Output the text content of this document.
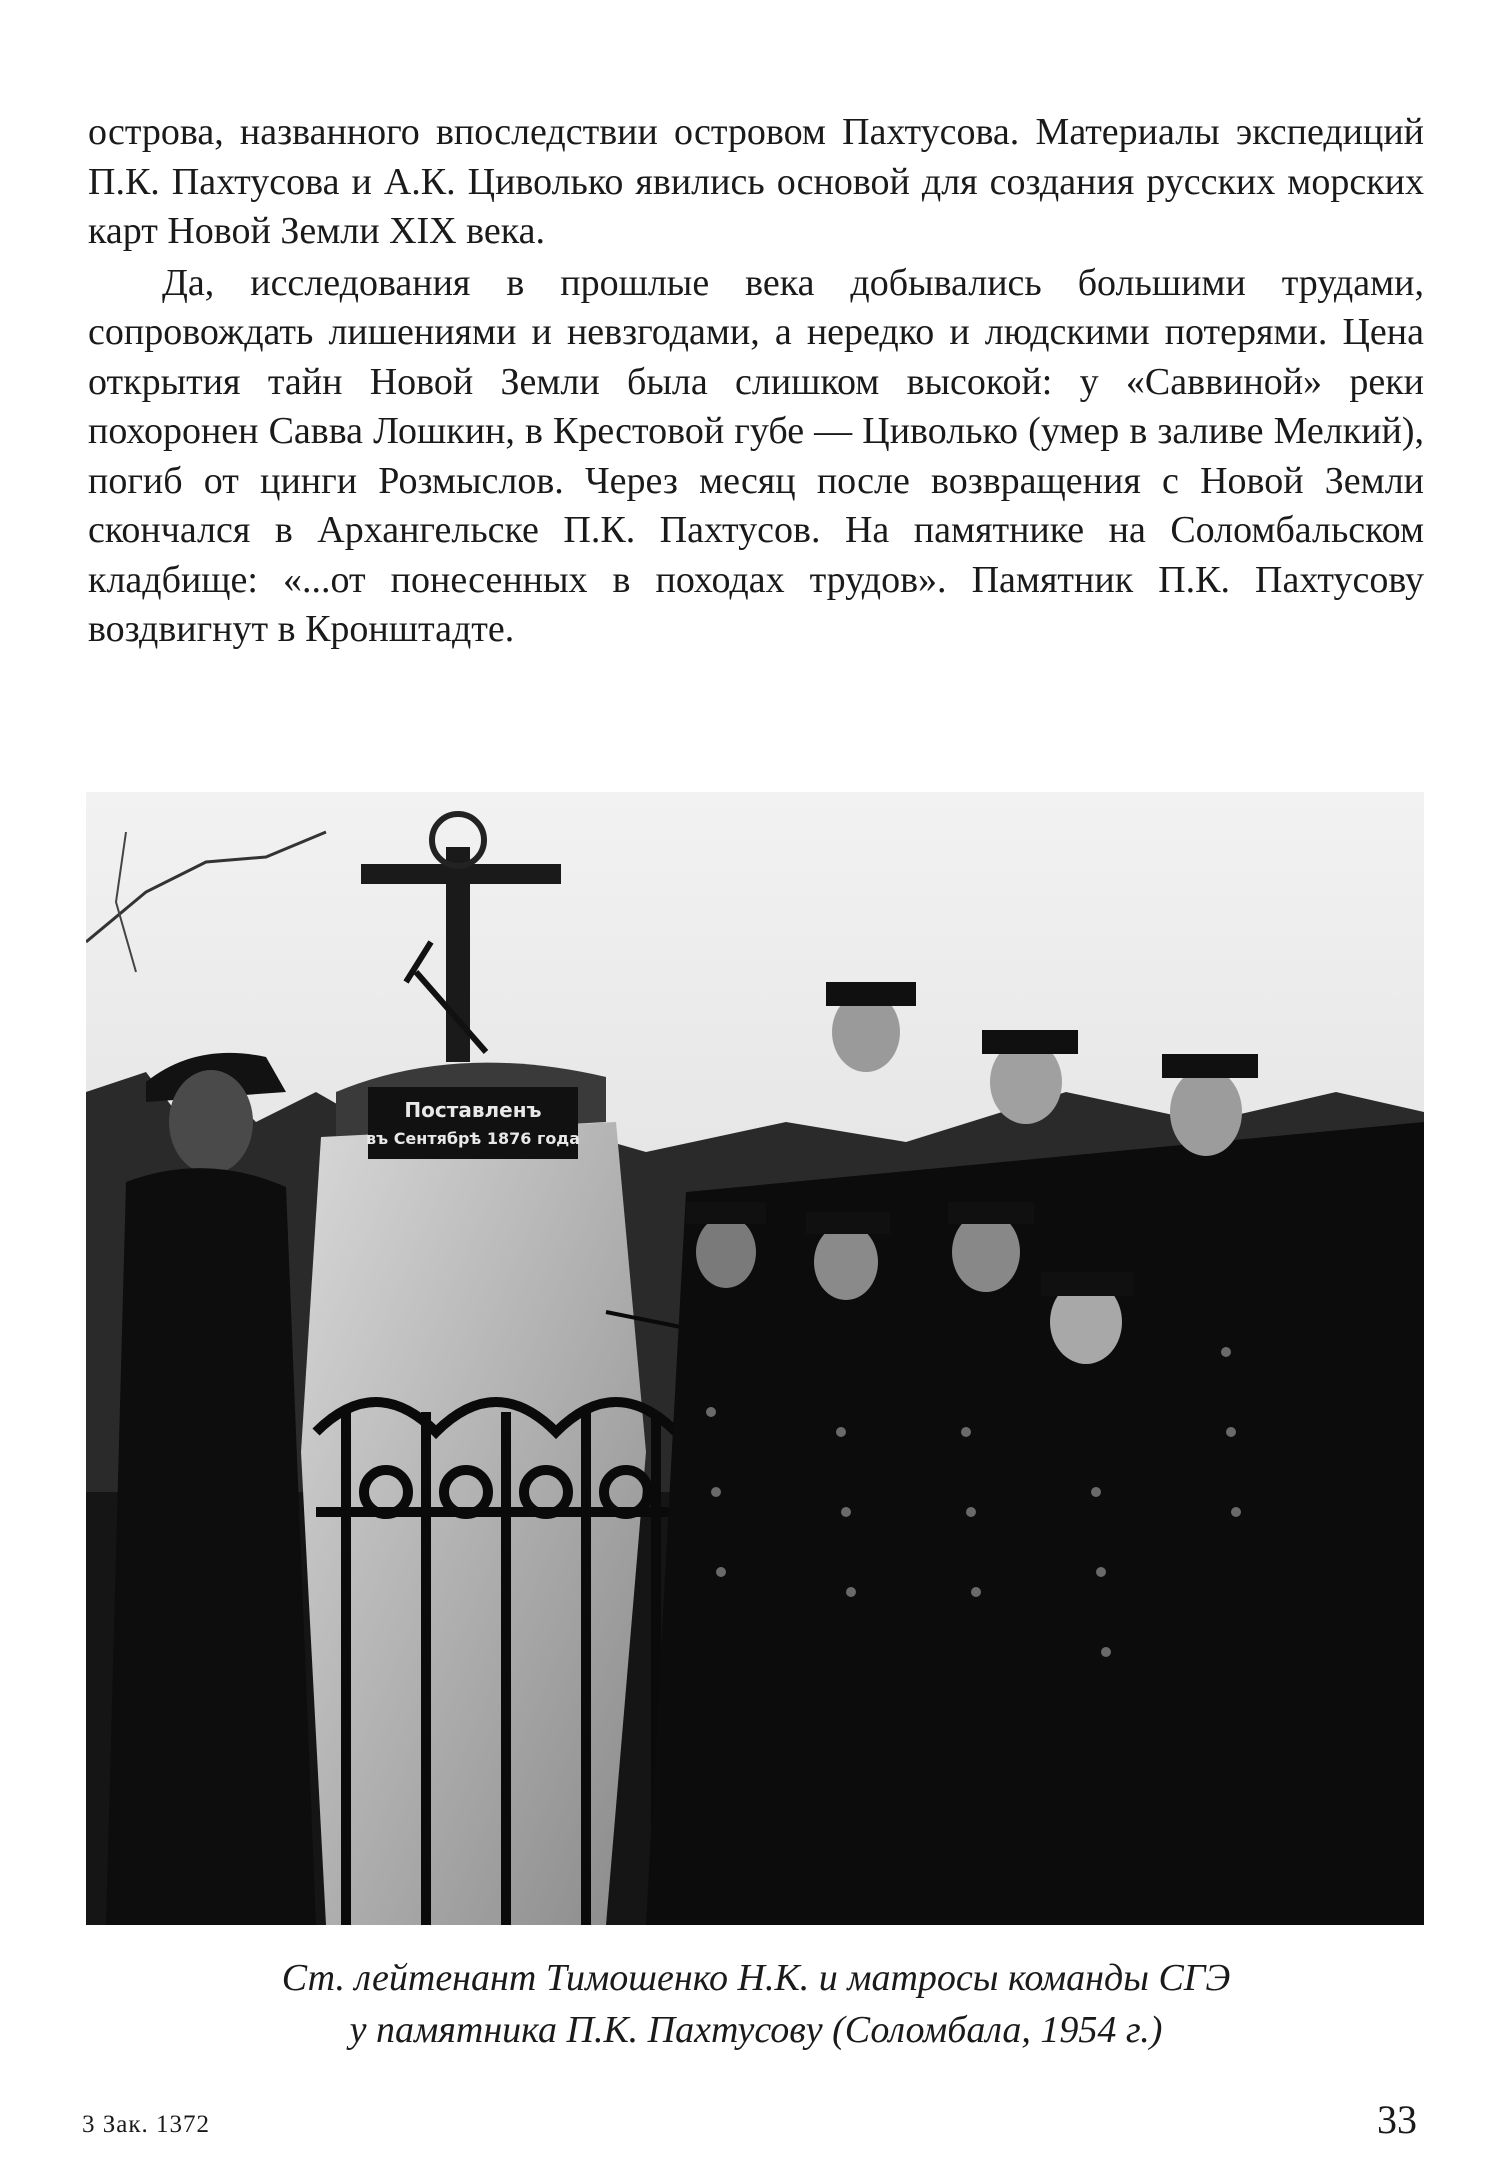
острова, названного впоследствии островом Пахтусова. Материалы экспедиций П.К. Пахтусова и А.К. Циволько явились основой для создания русских морских карт Новой Земли XIX века.

Да, исследования в прошлые века добывались большими трудами, сопровождать лишениями и невзгодами, а нередко и людскими потерями. Цена открытия тайн Новой Земли была слишком высокой: у «Саввиной» реки похоронен Савва Лошкин, в Крестовой губе — Циволько (умер в заливе Мелкий), погиб от цинги Розмыслов. Через месяц после возвращения с Новой Земли скончался в Архангельске П.К. Пахтусов. На памятнике на Соломбальском кладбище: «...от понесенных в походах трудов». Памятник П.К. Пахтусову воздвигнут в Кронштадте.

Поставленъ
въ Сентябрѣ 1876 года
Ст. лейтенант Тимошенко Н.К. и матросы команды СГЭ
у памятника П.К. Пахтусову (Соломбала, 1954 г.)
3 Зак. 1372	33
